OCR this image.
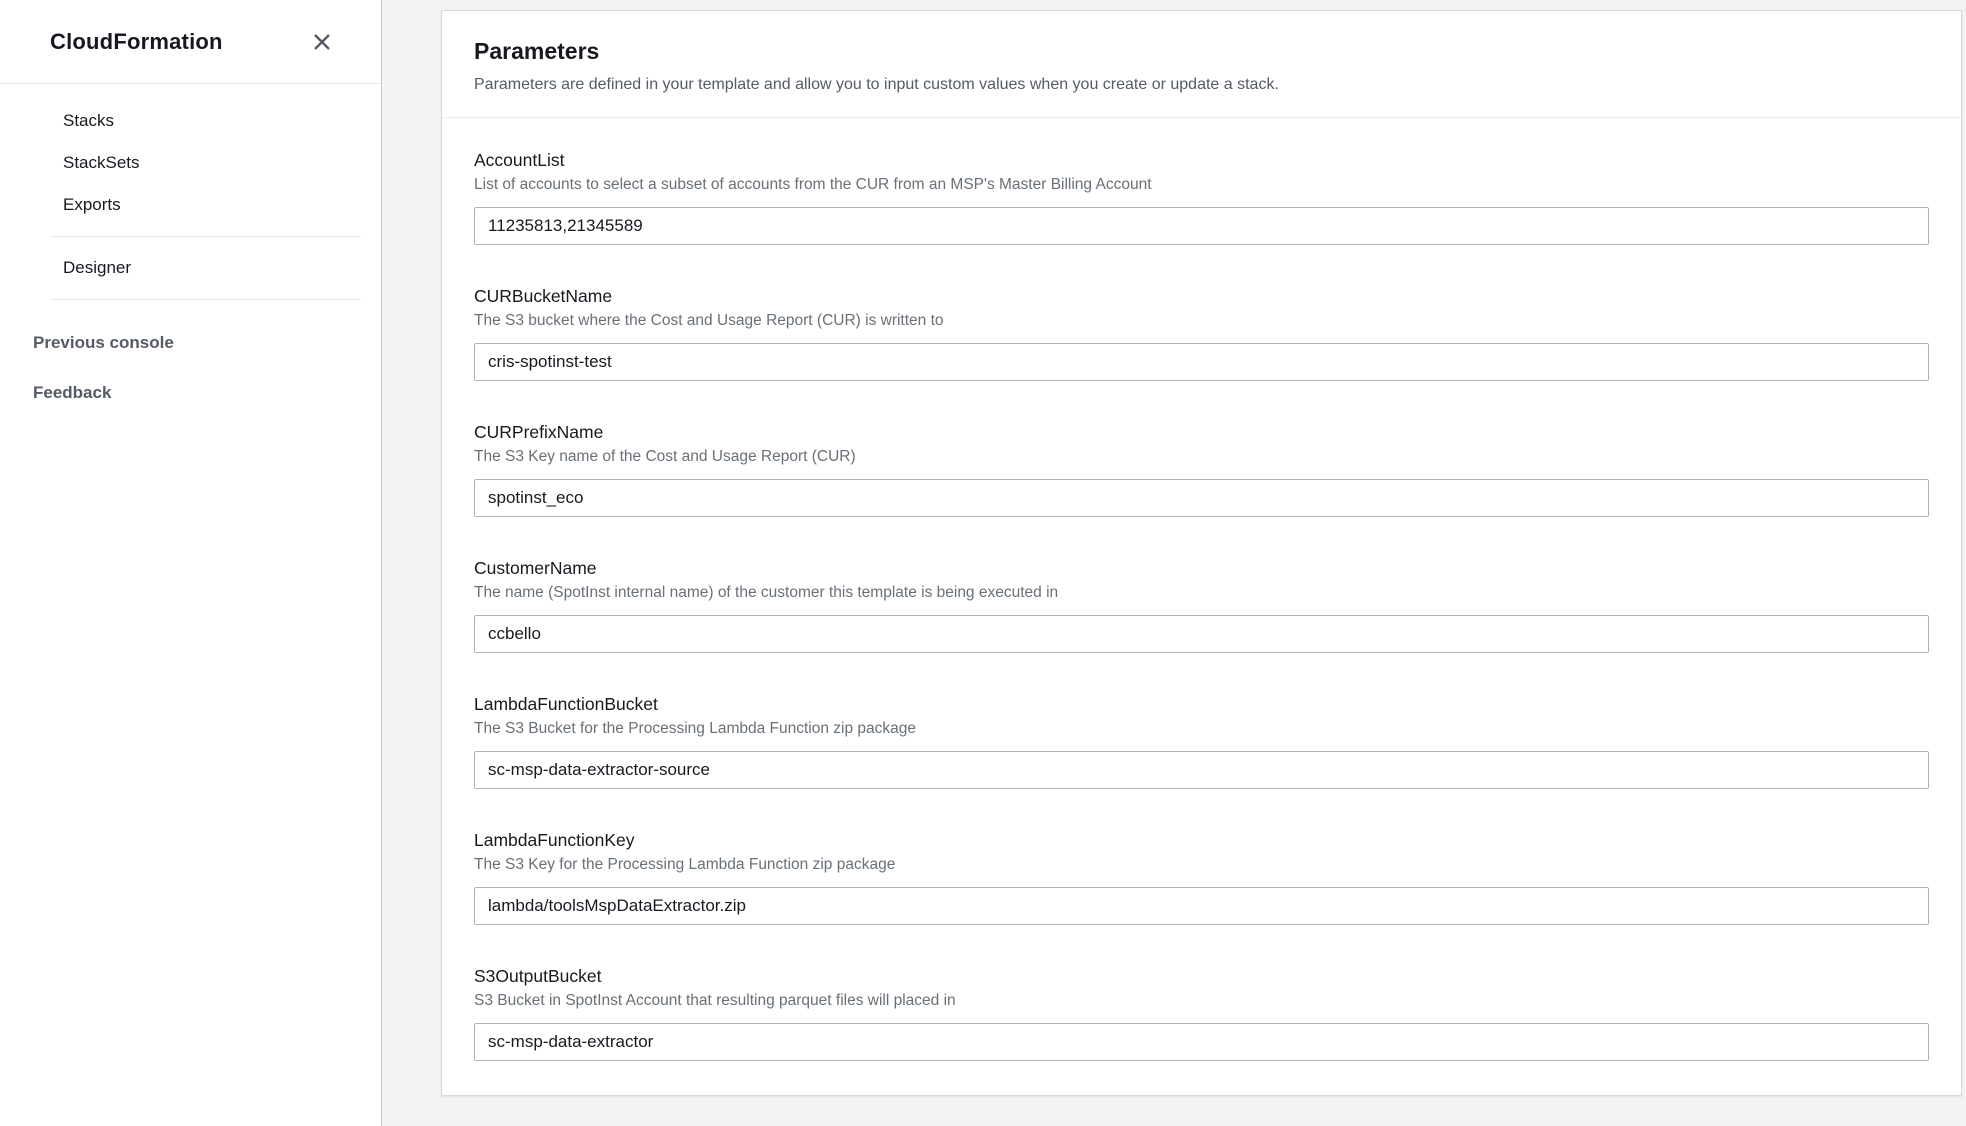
CloudFormation
Stacks
StackSets
Exports
Designer
Previous console
Feedback
Parameters

Parameters are defined in your template and allow you to input custom values when you create or update a stack.

AccountList

List of accounts to select a subset of accounts from the CUR from an MSP's Master Billing Account

11235813,21345589
CURBucketName

The S3 bucket where the Cost and Usage Report (CUR) is written to

cris-spotinst-test
CURPrefixName

The S3 Key name of the Cost and Usage Report (CUR)

spotinst_eco
CustomerName

The name (SpotInst internal name) of the customer this template is being executed in

ccbello
LambdaFunctionBucket

The S3 Bucket for the Processing Lambda Function zip package

sc-msp-data-extractor-source
LambdaFunctionKey

The S3 Key for the Processing Lambda Function zip package

lambda/toolsMspDataExtractor.zip
S3OutputBucket

S3 Bucket in SpotInst Account that resulting parquet files will placed in

sc-msp-data-extractor
